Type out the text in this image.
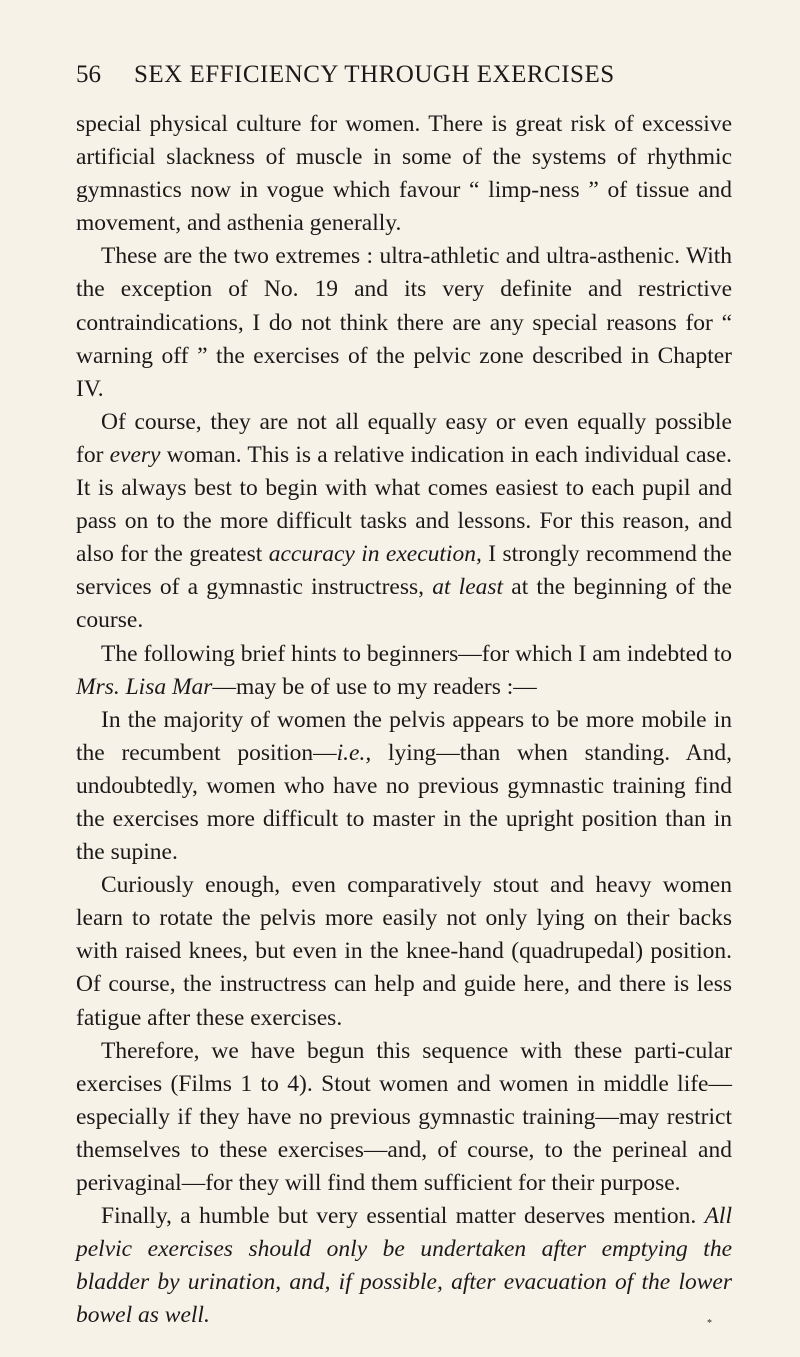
56 SEX EFFICIENCY THROUGH EXERCISES

special physical culture for women. There is great risk of excessive artificial slackness of muscle in some of the systems of rhythmic gymnastics now in vogue which favour “ limp-ness ” of tissue and movement, and asthenia generally.

These are the two extremes : ultra-athletic and ultra-asthenic. With the exception of No. 19 and its very definite and restrictive contraindications, I do not think there are any special reasons for “ warning off ” the exercises of the pelvic zone described in Chapter IV.

Of course, they are not all equally easy or even equally possible for every woman. This is a relative indication in each individual case. It is always best to begin with what comes easiest to each pupil and pass on to the more difficult tasks and lessons. For this reason, and also for the greatest accuracy in execution, I strongly recommend the services of a gymnastic instructress, at least at the beginning of the course.

The following brief hints to beginners—for which I am indebted to Mrs. Lisa Mar—may be of use to my readers :—

In the majority of women the pelvis appears to be more mobile in the recumbent position—i.e., lying—than when standing. And, undoubtedly, women who have no previous gymnastic training find the exercises more difficult to master in the upright position than in the supine.

Curiously enough, even comparatively stout and heavy women learn to rotate the pelvis more easily not only lying on their backs with raised knees, but even in the knee-hand (quadrupedal) position. Of course, the instructress can help and guide here, and there is less fatigue after these exercises.

Therefore, we have begun this sequence with these parti-cular exercises (Films 1 to 4). Stout women and women in middle life—especially if they have no previous gymnastic training—may restrict themselves to these exercises—and, of course, to the perineal and perivaginal—for they will find them sufficient for their purpose.

Finally, a humble but very essential matter deserves mention. All pelvic exercises should only be undertaken after emptying the bladder by urination, and, if possible, after evacuation of the lower bowel as well.	*
